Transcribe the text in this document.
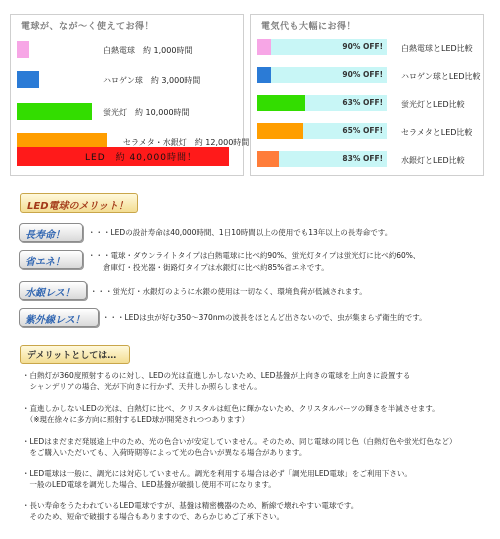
電球が、なが～く使えてお得！
白熱電球　約 1,000時間
ハロゲン球　約 3,000時間
蛍光灯　約 10,000時間
セラメタ・水銀灯　約 12,000時間
LED　約 40,000時間！
電気代も大幅にお得！
90% OFF! 白熱電球とLED比較
90% OFF! ハロゲン球とLED比較
63% OFF! 蛍光灯とLED比較
65% OFF! セラメタとLED比較
83% OFF! 水銀灯とLED比較
LED電球のメリット！
長寿命！	・・・LEDの設計寿命は40,000時間、1日10時間以上の使用でも13年以上の長寿命です。
省エネ！
・・・電球・ダウンライトタイプは白熱電球に比べ約90%、蛍光灯タイプは蛍光灯に比べ約60%、
　　倉庫灯・投光器・街路灯タイプは水銀灯に比べ約85%省エネです。
水銀レス！ ・・・蛍光灯・水銀灯のように水銀の使用は一切なく、環境負荷が低減されます。
紫外線レス！ ・・・LEDは虫が好む350～370nmの波長をほとんど出さないので、虫が集まらず衛生的です。
デメリットとしては…
・白熱灯が360度照射するのに対し、LEDの光は直進しかしないため、LED基盤が上向きの電球を上向きに設置する
　シャンデリアの場合、光が下向きに行かず、天井しか照らしません。
・直進しかしないLEDの光は、白熱灯に比べ、クリスタルは虹色に輝かないため、クリスタルパーツの輝きを半減させます。
　（※現在徐々に多方向に照射するLED球が開発されつつあります）
・LEDはまだまだ発展途上中のため、光の色合いが安定していません。そのため、同じ電球の同じ色（白熱灯色や蛍光灯色など）
　をご購入いただいても、入荷時期等によって光の色合いが異なる場合があります。
・LED電球は一般に、調光には対応していません。調光を利用する場合は必ず「調光用LED電球」をご利用下さい。
　一般のLED電球を調光した場合、LED基盤が破損し使用不可になります。
・長い寿命をうたわれているLED電球ですが、基盤は精密機器のため、断線で壊れやすい電球です。
　そのため、短命で破損する場合もありますので、あらかじめご了承下さい。
